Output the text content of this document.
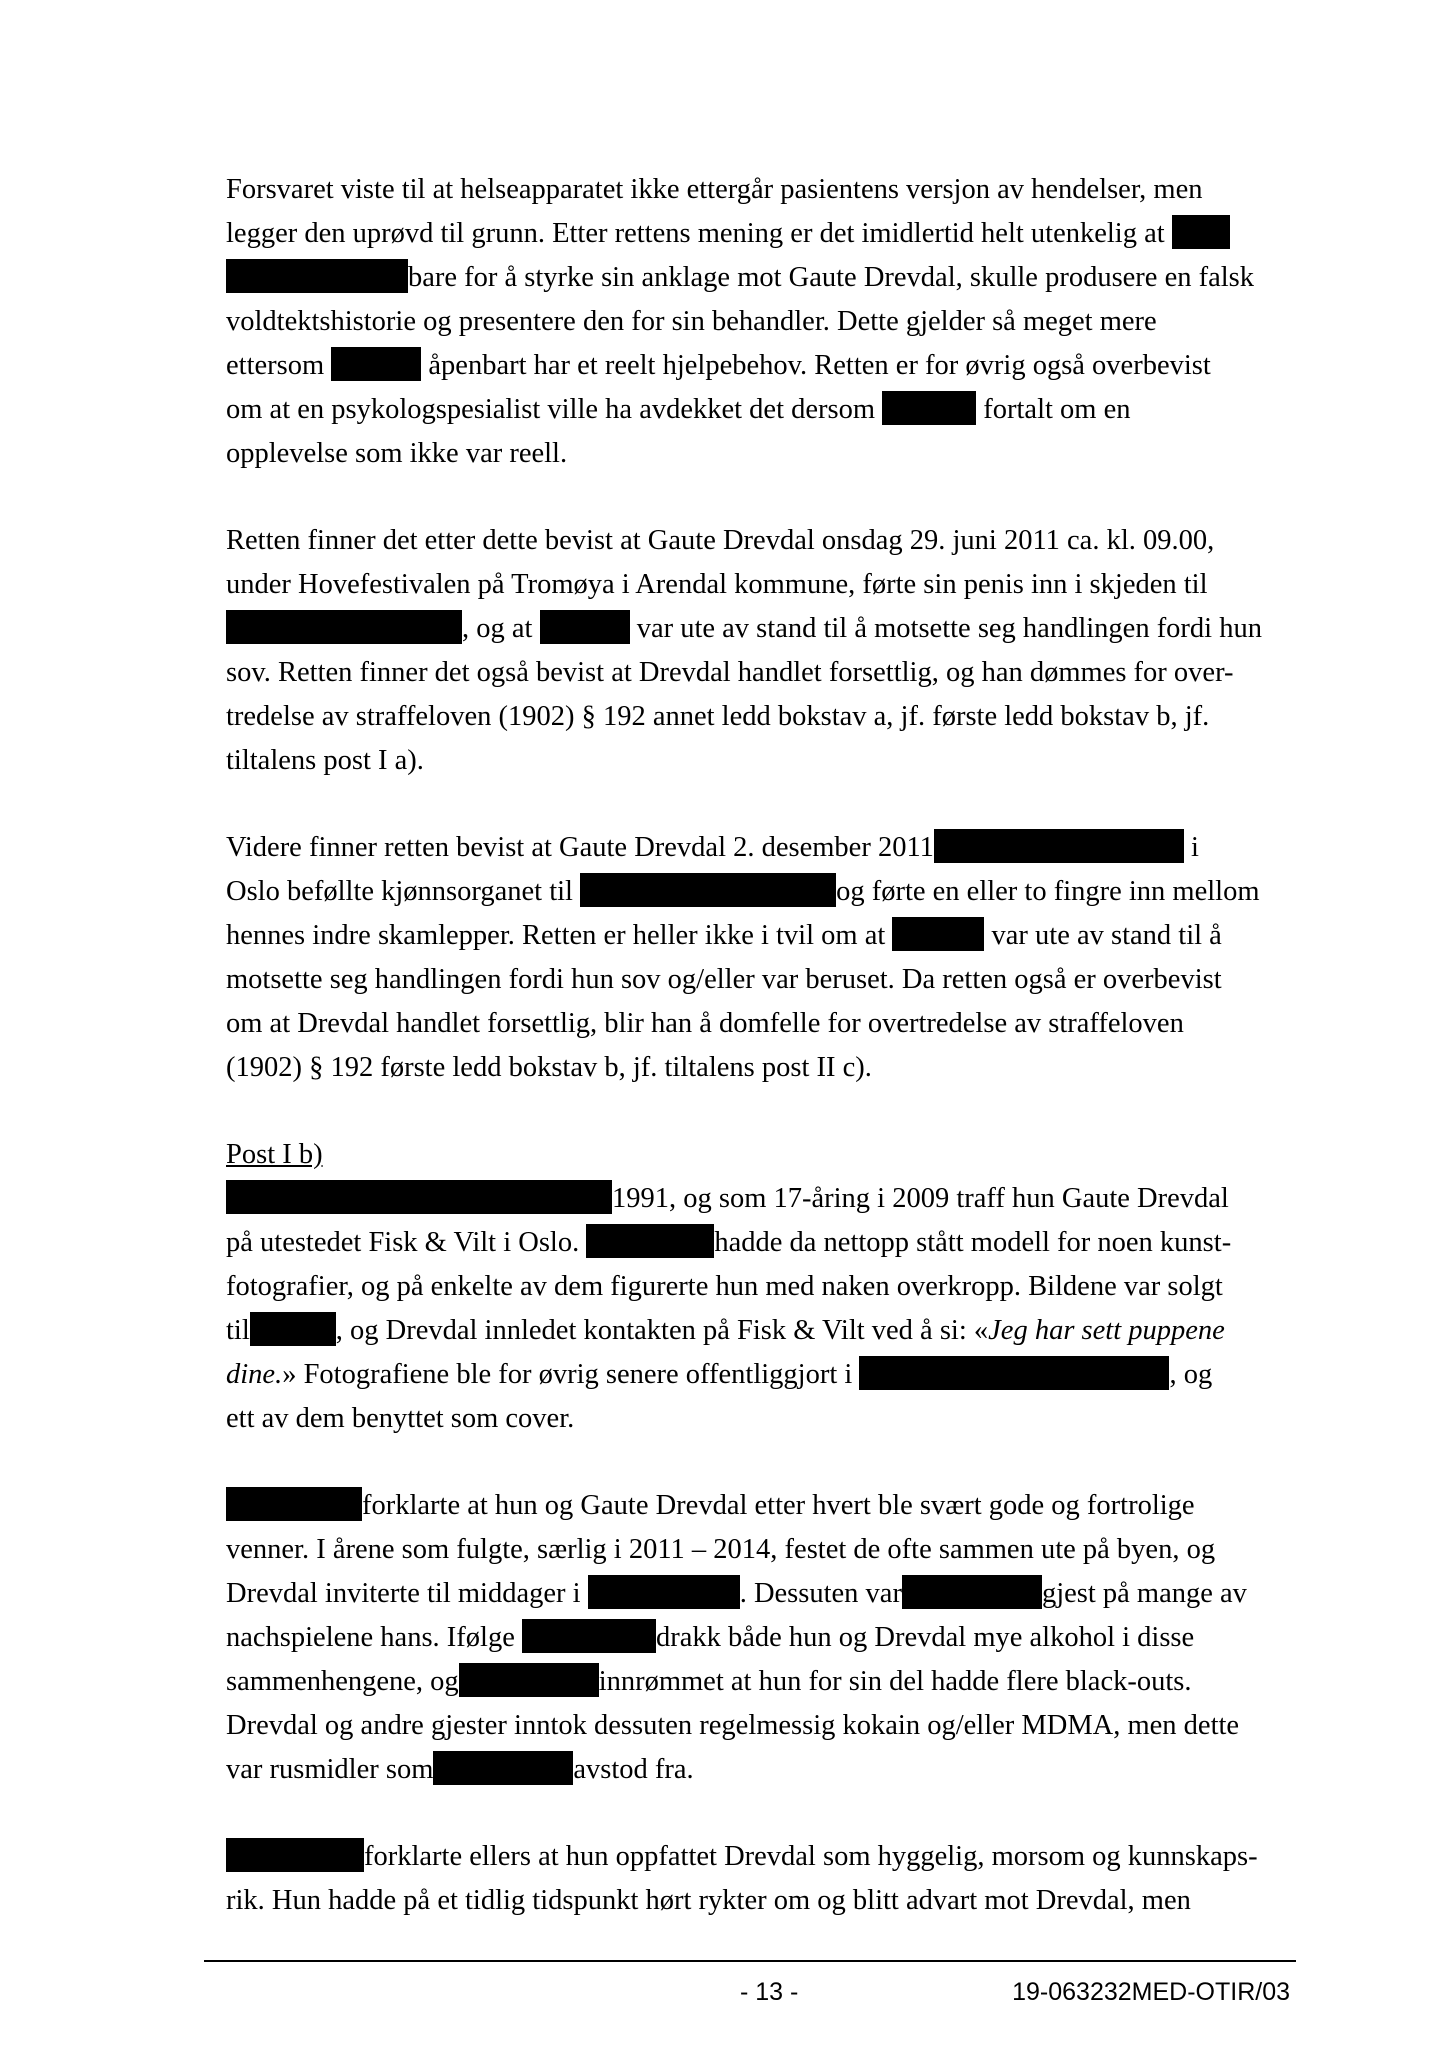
Forsvaret viste til at helseapparatet ikke ettergår pasientens versjon av hendelser, men
legger den uprøvd til grunn. Etter rettens mening er det imidlertid helt utenkelig at
bare for å styrke sin anklage mot Gaute Drevdal, skulle produsere en falsk
voldtektshistorie og presentere den for sin behandler. Dette gjelder så meget mere
ettersom	åpenbart har et reelt hjelpebehov. Retten er for øvrig også overbevist
om at en psykologspesialist ville ha avdekket det dersom	fortalt om en
opplevelse som ikke var reell.
Retten finner det etter dette bevist at Gaute Drevdal onsdag 29. juni 2011 ca. kl. 09.00,
under Hovefestivalen på Tromøya i Arendal kommune, førte sin penis inn i skjeden til
, og at	var ute av stand til å motsette seg handlingen fordi hun
sov. Retten finner det også bevist at Drevdal handlet forsettlig, og han dømmes for over-
tredelse av straffeloven (1902) § 192 annet ledd bokstav a, jf. første ledd bokstav b, jf.
tiltalens post I a).
Videre finner retten bevist at Gaute Drevdal 2. desember 2011	i
Oslo beføllte kjønnsorganet til	og førte en eller to fingre inn mellom
hennes indre skamlepper. Retten er heller ikke i tvil om at	var ute av stand til å
motsette seg handlingen fordi hun sov og/eller var beruset. Da retten også er overbevist
om at Drevdal handlet forsettlig, blir han å domfelle for overtredelse av straffeloven
(1902) § 192 første ledd bokstav b, jf. tiltalens post II c).
Post I b)
1991, og som 17-åring i 2009 traff hun Gaute Drevdal
på utestedet Fisk & Vilt i Oslo.	hadde da nettopp stått modell for noen kunst-
fotografier, og på enkelte av dem figurerte hun med naken overkropp. Bildene var solgt
til	, og Drevdal innledet kontakten på Fisk & Vilt ved å si: «Jeg har sett puppene
dine.» Fotografiene ble for øvrig senere offentliggjort i	, og
ett av dem benyttet som cover.
forklarte at hun og Gaute Drevdal etter hvert ble svært gode og fortrolige
venner. I årene som fulgte, særlig i 2011 – 2014, festet de ofte sammen ute på byen, og
Drevdal inviterte til middager i	. Dessuten var	gjest på mange av
nachspielene hans. Ifølge	drakk både hun og Drevdal mye alkohol i disse
sammenhengene, og	innrømmet at hun for sin del hadde flere black-outs.
Drevdal og andre gjester inntok dessuten regelmessig kokain og/eller MDMA, men dette
var rusmidler som	avstod fra.
forklarte ellers at hun oppfattet Drevdal som hyggelig, morsom og kunnskaps-
rik. Hun hadde på et tidlig tidspunkt hørt rykter om og blitt advart mot Drevdal, men
- 13 -	19-063232MED-OTIR/03
